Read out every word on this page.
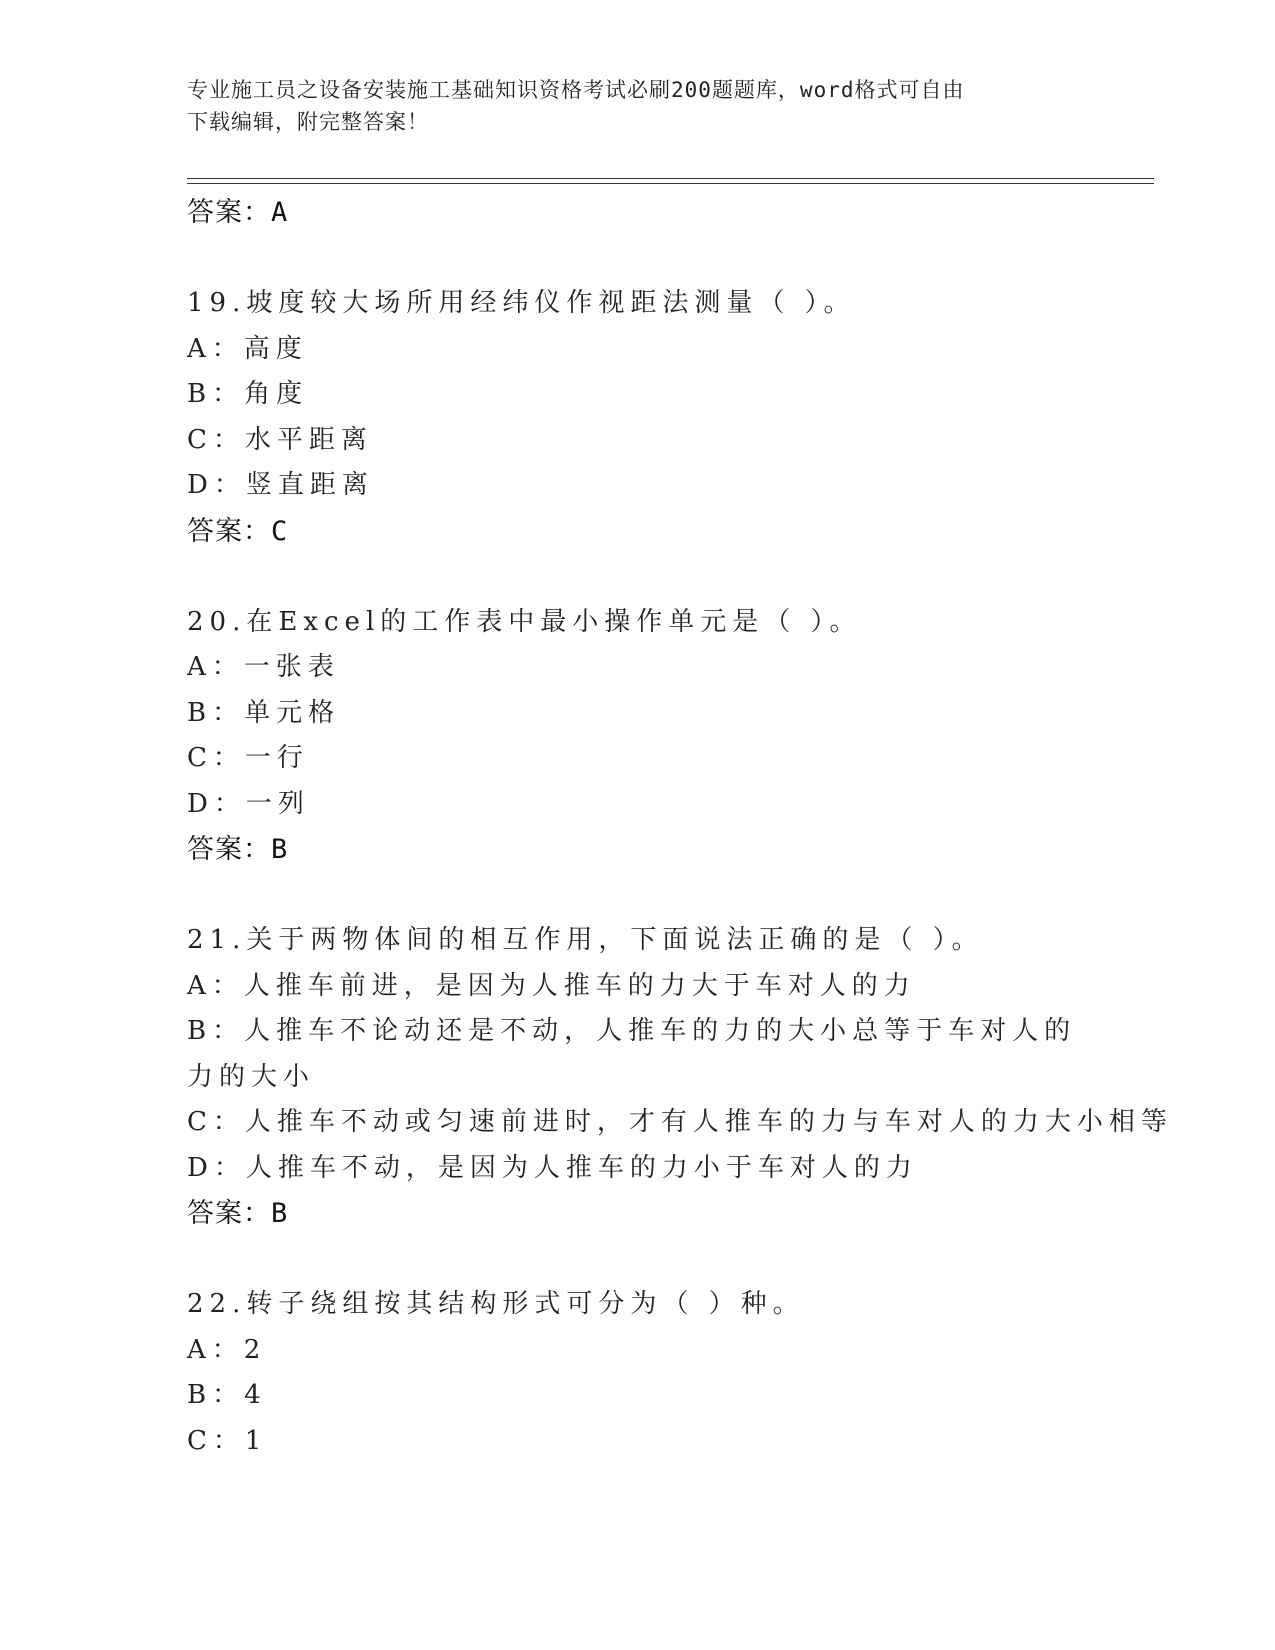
专业施工员之设备安装施工基础知识资格考试必刷200题题库，word格式可自由
下载编辑，附完整答案！
答案：A
19.坡度较大场所用经纬仪作视距法测量（ ）。
A：高度
B：角度
C：水平距离
D：竖直距离
答案：C
20.在Excel的工作表中最小操作单元是（ ）。
A：一张表
B：单元格
C：一行
D：一列
答案：B
21.关于两物体间的相互作用，下面说法正确的是（ ）。
A：人推车前进，是因为人推车的力大于车对人的力
B：人推车不论动还是不动，人推车的力的大小总等于车对人的力的大小
C：人推车不动或匀速前进时，才有人推车的力与车对人的力大小相等
D：人推车不动，是因为人推车的力小于车对人的力
答案：B
22.转子绕组按其结构形式可分为（ ）种。
A：2
B：4
C：1
